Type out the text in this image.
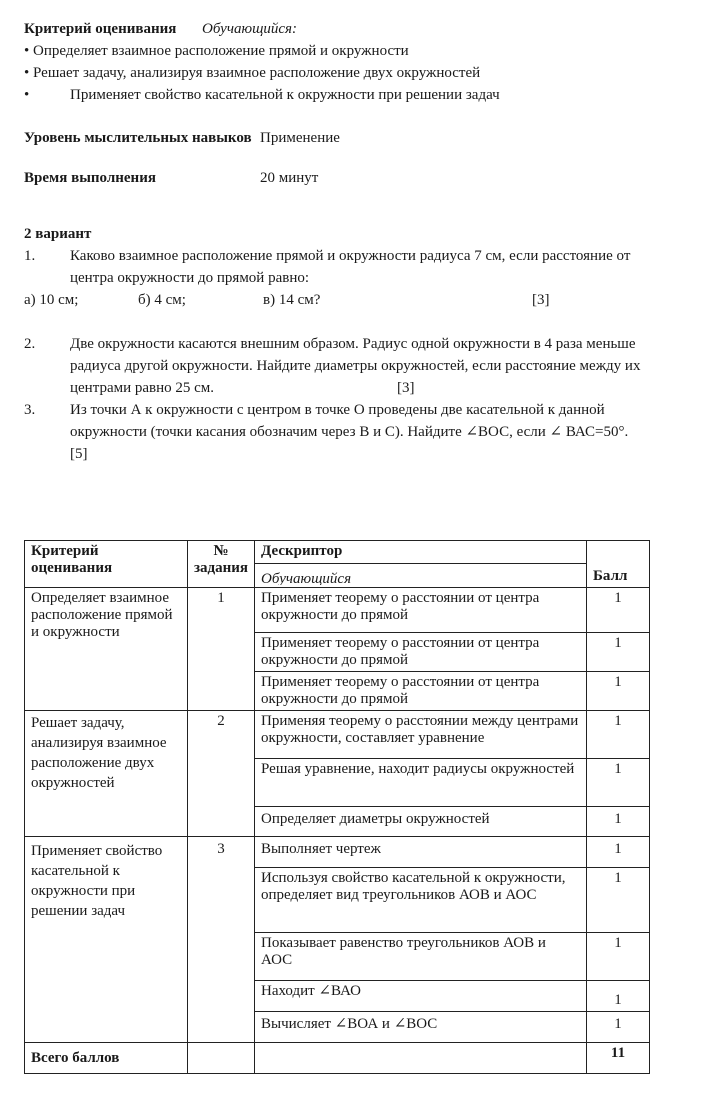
Критерий оценивания Обучающийся:
• Определяет взаимное расположение прямой и окружности
• Решает задачу, анализируя взаимное расположение двух окружностей
•	Применяет свойство касательной к окружности при решении задач
Уровень мыслительных навыков Применение
Время выполнения	20 минут
2 вариант
1. Каково взаимное расположение прямой и окружности радиуса 7 см, если расстояние от
центра окружности до прямой равно:
а) 10 см;	б) 4 см;	в) 14 см?	[3]
2. Две окружности касаются внешним образом. Радиус одной окружности в 4 раза меньше
радиуса другой окружности. Найдите диаметры окружностей, если расстояние между их
центрами равно 25 см.	[3]
3. Из точки А к окружности с центром в точке О проведены две касательной к данной
окружности (точки касания обозначим через В и С). Найдите ∠ВОС, если ∠ ВАС=50°.
[5]
Критерий оценивания	№ задания	Дескриптор	

		Обучающийся	Балл
Определяет взаимное расположение прямой и окружности	1	Применяет теорему о расстоянии от центра окружности до прямой	1

		Применяет теорему о расстоянии от центра окружности до прямой	1

		Применяет теорему о расстоянии от центра окружности до прямой	1
Решает задачу, анализируя взаимное расположение двух окружностей	2	Применяя теорему о расстоянии между центрами окружности, составляет уравнение	1
		Решая уравнение, находит радиусы окружностей	1
		Определяет диаметры окружностей	1
Применяет свойство касательной к окружности при решении задач	3	Выполняет чертеж	1
		Используя свойство касательной к окружности, определяет вид треугольников АОВ и АОС	1
		Показывает равенство треугольников АОВ и АОС	1
		Находит ∠ВАО	1
		Вычисляет ∠ВОА и ∠ВОС	1
Всего баллов			11
